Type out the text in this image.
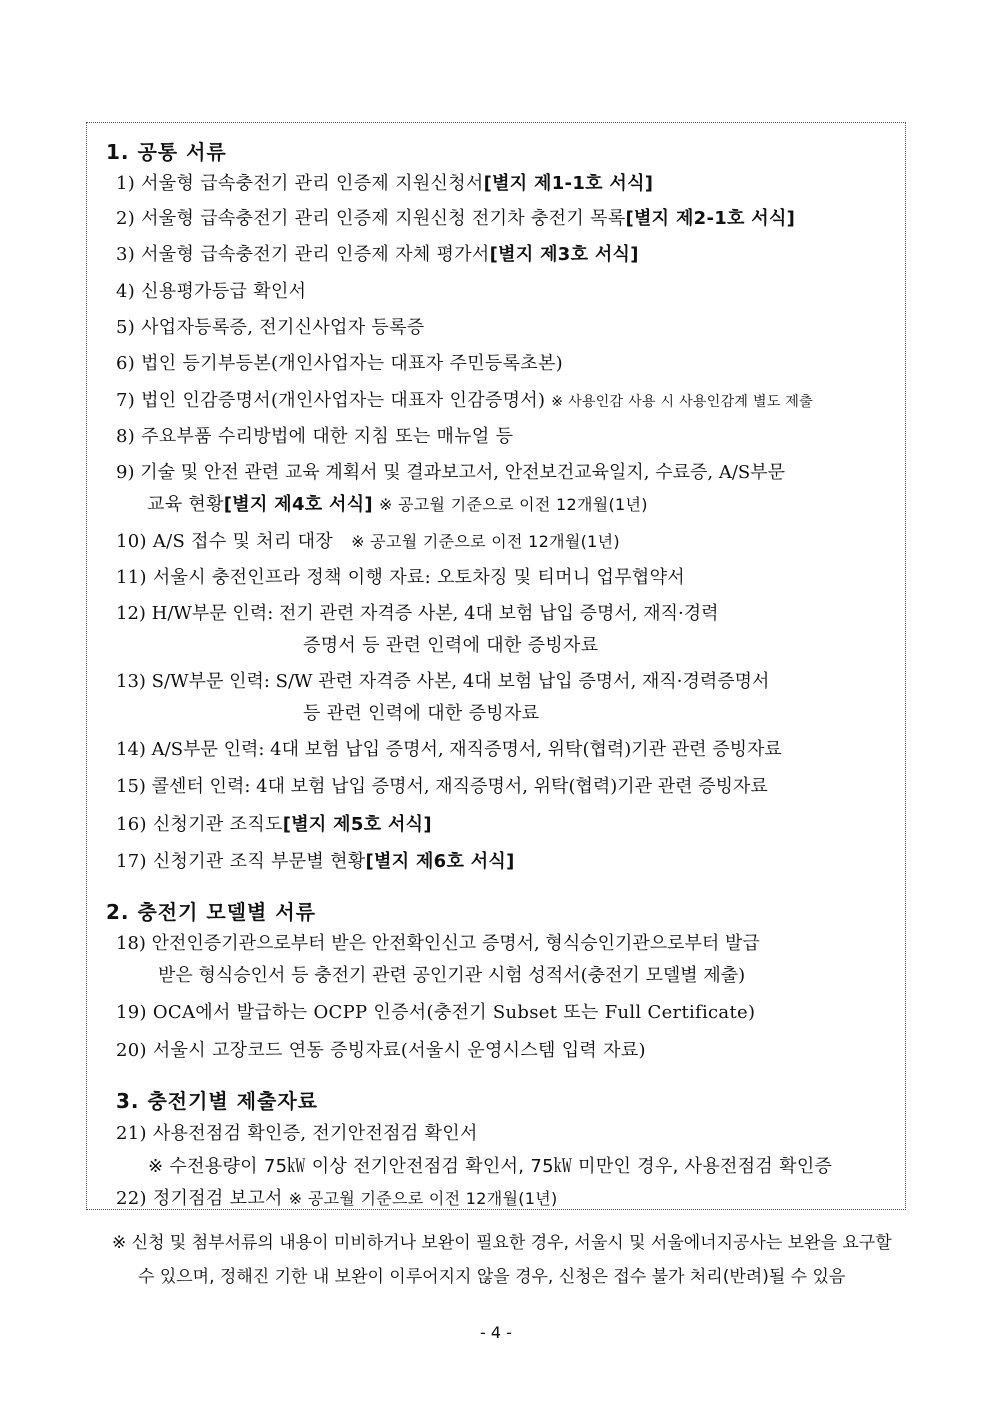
1. 공통 서류
1) 서울형 급속충전기 관리 인증제 지원신청서[별지 제1-1호 서식]
2) 서울형 급속충전기 관리 인증제 지원신청 전기차 충전기 목록[별지 제2-1호 서식]
3) 서울형 급속충전기 관리 인증제 자체 평가서[별지 제3호 서식]
4) 신용평가등급 확인서
5) 사업자등록증, 전기신사업자 등록증
6) 법인 등기부등본(개인사업자는 대표자 주민등록초본)
7) 법인 인감증명서(개인사업자는 대표자 인감증명서) ※ 사용인감 사용 시 사용인감계 별도 제출
8) 주요부품 수리방법에 대한 지침 또는 매뉴얼 등
9) 기술 및 안전 관련 교육 계획서 및 결과보고서, 안전보건교육일지, 수료증, A/S부문
교육 현황[별지 제4호 서식] ※ 공고월 기준으로 이전 12개월(1년)
10) A/S 접수 및 처리 대장 ※ 공고월 기준으로 이전 12개월(1년)
11) 서울시 충전인프라 정책 이행 자료: 오토차징 및 티머니 업무협약서
12) H/W부문 인력: 전기 관련 자격증 사본, 4대 보험 납입 증명서, 재직·경력
증명서 등 관련 인력에 대한 증빙자료
13) S/W부문 인력: S/W 관련 자격증 사본, 4대 보험 납입 증명서, 재직·경력증명서
등 관련 인력에 대한 증빙자료
14) A/S부문 인력: 4대 보험 납입 증명서, 재직증명서, 위탁(협력)기관 관련 증빙자료
15) 콜센터 인력: 4대 보험 납입 증명서, 재직증명서, 위탁(협력)기관 관련 증빙자료
16) 신청기관 조직도[별지 제5호 서식]
17) 신청기관 조직 부문별 현황[별지 제6호 서식]
2. 충전기 모델별 서류
18) 안전인증기관으로부터 받은 안전확인신고 증명서, 형식승인기관으로부터 발급
받은 형식승인서 등 충전기 관련 공인기관 시험 성적서(충전기 모델별 제출)
19) OCA에서 발급하는 OCPP 인증서(충전기 Subset 또는 Full Certificate)
20) 서울시 고장코드 연동 증빙자료(서울시 운영시스템 입력 자료)
3. 충전기별 제출자료
21) 사용전점검 확인증, 전기안전점검 확인서
※ 수전용량이 75㎾ 이상 전기안전점검 확인서, 75㎾ 미만인 경우, 사용전점검 확인증
22) 정기점검 보고서 ※ 공고월 기준으로 이전 12개월(1년)
※ 신청 및 첨부서류의 내용이 미비하거나 보완이 필요한 경우, 서울시 및 서울에너지공사는 보완을 요구할
수 있으며, 정해진 기한 내 보완이 이루어지지 않을 경우, 신청은 접수 불가 처리(반려)될 수 있음
- 4 -
